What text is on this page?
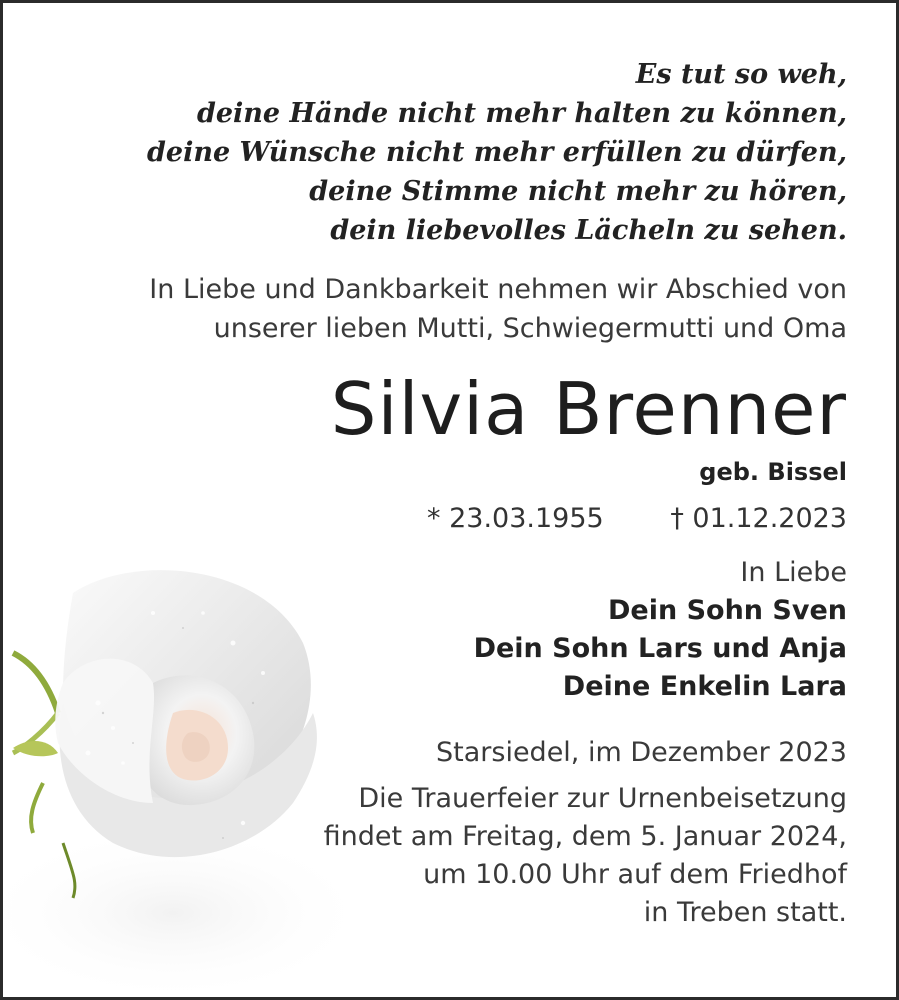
Es tut so weh,
deine Hände nicht mehr halten zu können,
deine Wünsche nicht mehr erfüllen zu dürfen,
deine Stimme nicht mehr zu hören,
dein liebevolles Lächeln zu sehen.
In Liebe und Dankbarkeit nehmen wir Abschied von
unserer lieben Mutti, Schwiegermutti und Oma
Silvia Brenner
geb. Bissel
* 23.03.1955 † 01.12.2023
In Liebe
Dein Sohn Sven
Dein Sohn Lars und Anja
Deine Enkelin Lara
Starsiedel, im Dezember 2023
Die Trauerfeier zur Urnenbeisetzung
findet am Freitag, dem 5. Januar 2024,
um 10.00 Uhr auf dem Friedhof
in Treben statt.
